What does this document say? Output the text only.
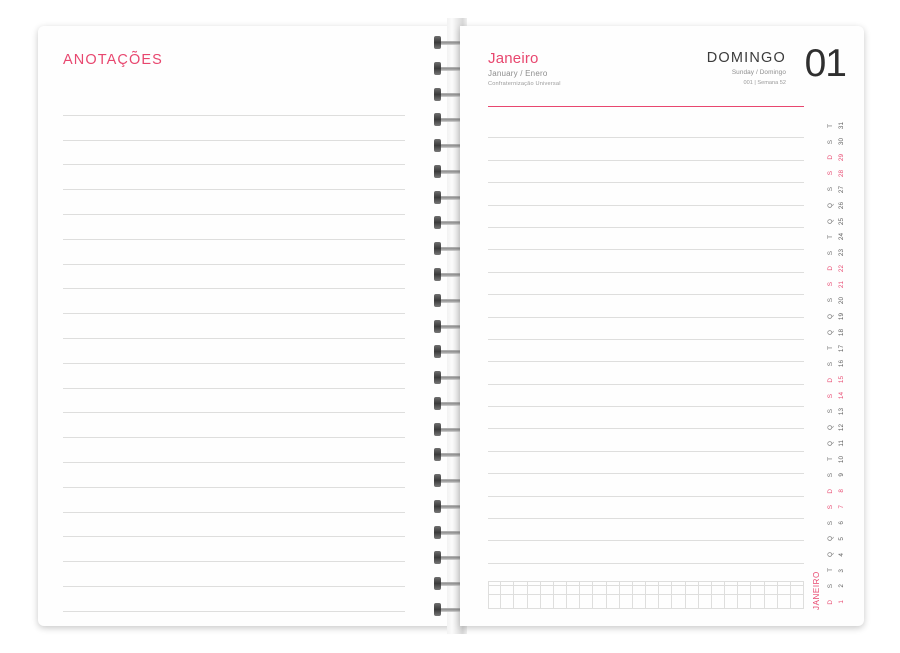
ANOTAÇÕES	Janeiro
January / Enero
Confraternização Universal
DOMINGO
Sunday / Domingo
001 | Semana 52 01
JANEIRO D 1
S 2
T 3
Q 4
Q 5
S 6
S 7
D 8
S 9
T 10
Q 11
Q 12
S 13
S 14
D 15
S 16
T 17
Q 18
Q 19
S 20
S 21
D 22
S 23
T 24
Q 25
Q 26
S 27
S 28
D 29
S 30
T 31
